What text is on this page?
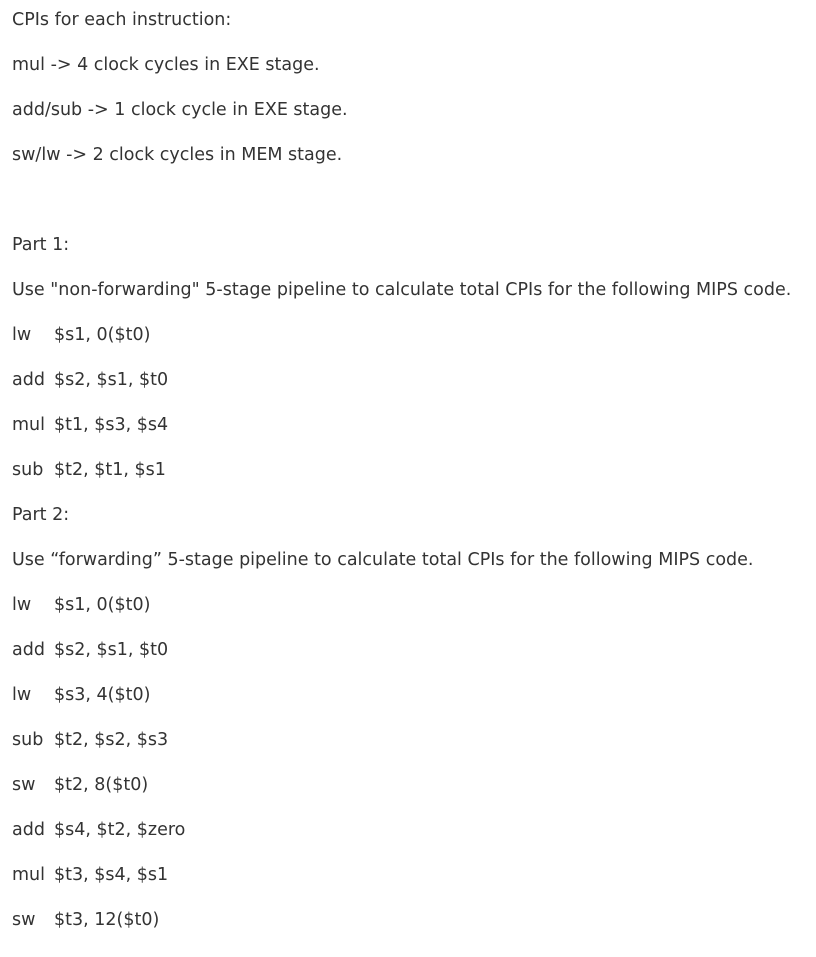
CPIs for each instruction:
mul -> 4 clock cycles in EXE stage.
add/sub -> 1 clock cycle in EXE stage.
sw/lw -> 2 clock cycles in MEM stage.
Part 1:
Use "non-forwarding" 5-stage pipeline to calculate total CPIs for the following MIPS code.
lw $s1, 0($t0)
add $s2, $s1, $t0
mul $t1, $s3, $s4
sub $t2, $t1, $s1
Part 2:
Use “forwarding” 5-stage pipeline to calculate total CPIs for the following MIPS code.
lw $s1, 0($t0)
add $s2, $s1, $t0
lw $s3, 4($t0)
sub $t2, $s2, $s3
sw $t2, 8($t0)
add $s4, $t2, $zero
mul $t3, $s4, $s1
sw $t3, 12($t0)
